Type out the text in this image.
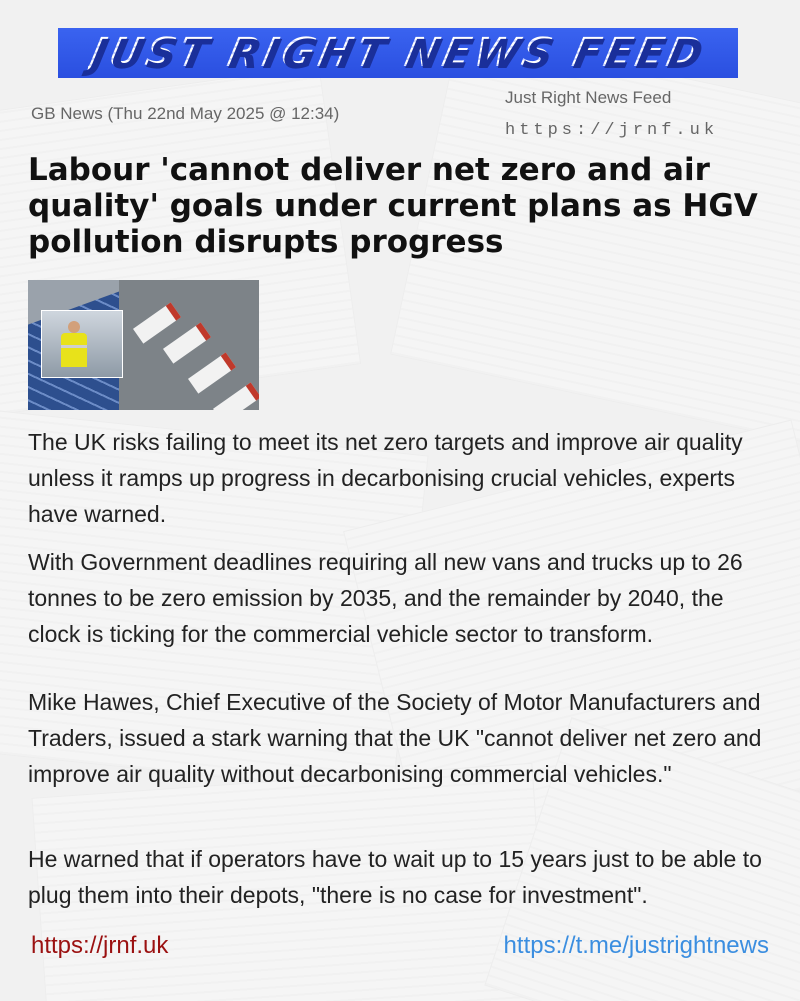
JUST RIGHT NEWS FEED
GB News (Thu 22nd May 2025 @ 12:34)
Just Right News Feed
https://jrnf.uk
Labour 'cannot deliver net zero and air quality' goals under current plans as HGV pollution disrupts progress

The UK risks failing to meet its net zero targets and improve air quality unless it ramps up progress in decarbonising crucial vehicles, experts have warned.

With Government deadlines requiring all new vans and trucks up to 26 tonnes to be zero emission by 2035, and the remainder by 2040, the clock is ticking for the commercial vehicle sector to transform.

Mike Hawes, Chief Executive of the Society of Motor Manufacturers and Traders, issued a stark warning that the UK "cannot deliver net zero and improve air quality without decarbonising commercial vehicles."

He warned that if operators have to wait up to 15 years just to be able to plug them into their depots, "there is no case for investment".

https://jrnf.uk	https://t.me/justrightnews
